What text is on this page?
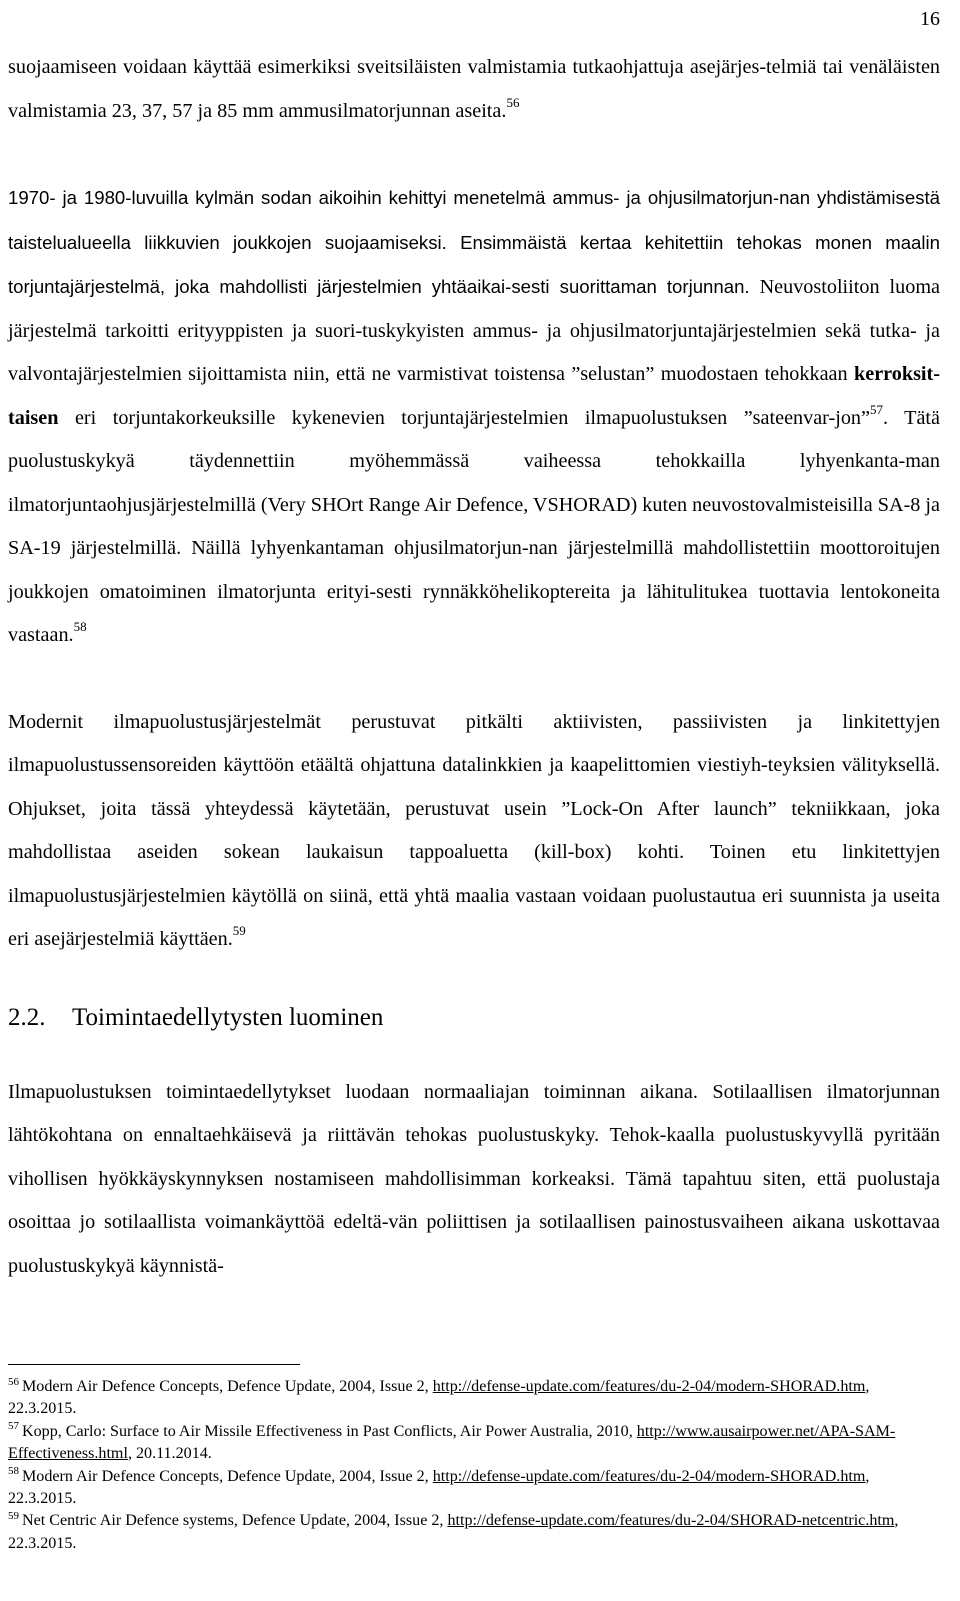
16

suojaamiseen voidaan käyttää esimerkiksi sveitsiläisten valmistamia tutkaohjattuja asejärjes-telmiä tai venäläisten valmistamia 23, 37, 57 ja 85 mm ammusilmatorjunnan aseita.$^{56}$

1970- ja 1980-luvuilla kylmän sodan aikoihin kehittyi menetelmä ammus- ja ohjusilmatorjun-nan yhdistämisestä taistelualueella liikkuvien joukkojen suojaamiseksi. Ensimmäistä kertaa kehitettiin tehokas monen maalin torjuntajärjestelmä, joka mahdollisti järjestelmien yhtäaikai-sesti suorittaman torjunnan. Neuvostoliiton luoma järjestelmä tarkoitti erityyppisten ja suori-tuskykyisten ammus- ja ohjusilmatorjuntajärjestelmien sekä tutka- ja valvontajärjestelmien sijoittamista niin, että ne varmistivat toistensa ”selustan” muodostaen tehokkaan kerroksit-taisen eri torjuntakorkeuksille kykenevien torjuntajärjestelmien ilmapuolustuksen ”sateenvar-jon”$^{57}$. Tätä puolustuskykyä täydennettiin myöhemmässä vaiheessa tehokkailla lyhyenkanta-man ilmatorjuntaohjusjärjestelmillä (Very SHOrt Range Air Defence, VSHORAD) kuten neuvostovalmisteisilla SA-8 ja SA-19 järjestelmillä. Näillä lyhyenkantaman ohjusilmatorjun-nan järjestelmillä mahdollistettiin moottoroitujen joukkojen omatoiminen ilmatorjunta erityi-sesti rynnäkköhelikoptereita ja lähitulitukea tuottavia lentokoneita vastaan.$^{58}$

Modernit ilmapuolustusjärjestelmät perustuvat pitkälti aktiivisten, passiivisten ja linkitettyjen ilmapuolustussensoreiden käyttöön etäältä ohjattuna datalinkkien ja kaapelittomien viestiyh-teyksien välityksellä. Ohjukset, joita tässä yhteydessä käytetään, perustuvat usein ”Lock-On After launch” tekniikkaan, joka mahdollistaa aseiden sokean laukaisun tappoaluetta (kill-box) kohti. Toinen etu linkitettyjen ilmapuolustusjärjestelmien käytöllä on siinä, että yhtä maalia vastaan voidaan puolustautua eri suunnista ja useita eri asejärjestelmiä käyttäen.$^{59}$

2.2. Toimintaedellytysten luominen

Ilmapuolustuksen toimintaedellytykset luodaan normaaliajan toiminnan aikana. Sotilaallisen ilmatorjunnan lähtökohtana on ennaltaehkäisevä ja riittävän tehokas puolustuskyky. Tehok-kaalla puolustuskyvyllä pyritään vihollisen hyökkäyskynnyksen nostamiseen mahdollisimman korkeaksi. Tämä tapahtuu siten, että puolustaja osoittaa jo sotilaallista voimankäyttöä edeltä-vän poliittisen ja sotilaallisen painostusvaiheen aikana uskottavaa puolustuskykyä käynnistä-

$^{56}$ Modern Air Defence Concepts, Defence Update, 2004, Issue 2, http://defense-update.com/features/du-2-04/modern-SHORAD.htm, 22.3.2015.

$^{57}$ Kopp, Carlo: Surface to Air Missile Effectiveness in Past Conflicts, Air Power Australia, 2010, http://www.ausairpower.net/APA-SAM-Effectiveness.html, 20.11.2014.

$^{58}$ Modern Air Defence Concepts, Defence Update, 2004, Issue 2, http://defense-update.com/features/du-2-04/modern-SHORAD.htm, 22.3.2015.

$^{59}$ Net Centric Air Defence systems, Defence Update, 2004, Issue 2, http://defense-update.com/features/du-2-04/SHORAD-netcentric.htm, 22.3.2015.
